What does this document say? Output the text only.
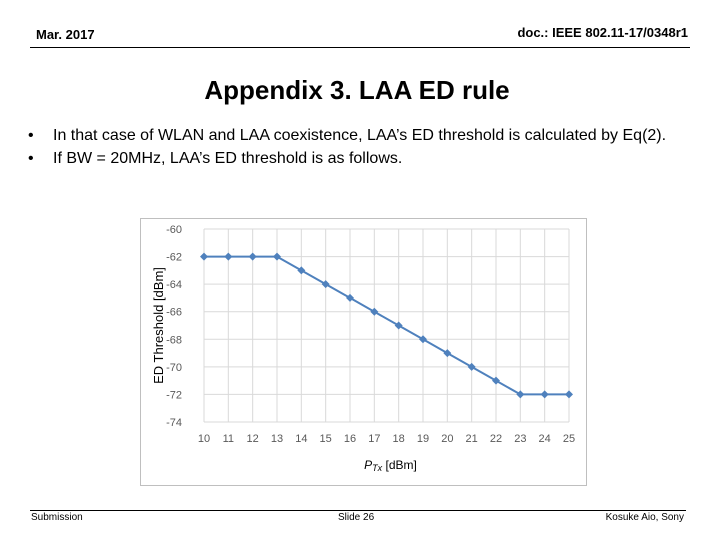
Mar. 2017	doc.: IEEE 802.11-17/0348r1
Appendix 3. LAA ED rule
• In that case of WLAN and LAA coexistence, LAA’s ED threshold is calculated by Eq(2).
• If BW = 20MHz, LAA’s ED threshold is as follows.
-60
-62
-64
-66
-68
-70
-72
-74
10 11 12 13 14 15 16 17 18 19 20 21 22 23 24 25
ED Threshold [dBm]
PTx [dBm]
Submission	Slide 26	Kosuke Aio, Sony
